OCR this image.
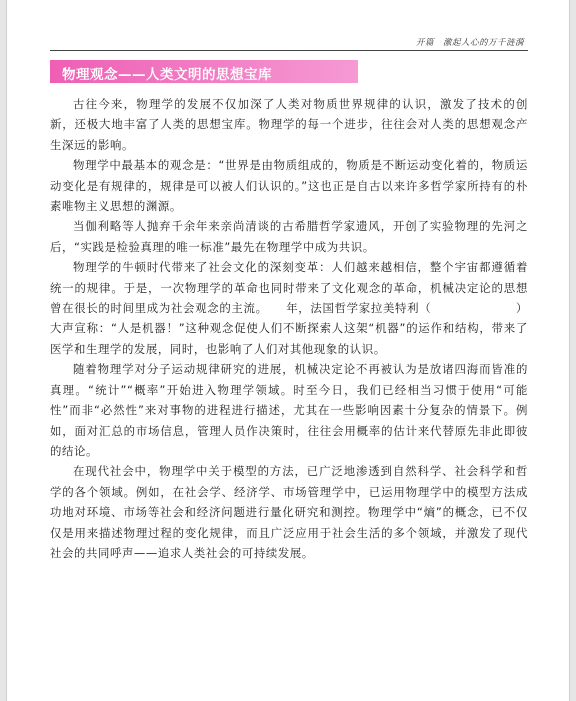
开篇　激起人心的万千涟漪
物理观念——人类文明的思想宝库

古往今来，物理学的发展不仅加深了人类对物质世界规律的认识，激发了技术的创新，还极大地丰富了人类的思想宝库。物理学的每一个进步，往往会对人类的思想观念产生深远的影响。

物理学中最基本的观念是：“世界是由物质组成的，物质是不断运动变化着的，物质运动变化是有规律的，规律是可以被人们认识的。”这也正是自古以来许多哲学家所持有的朴素唯物主义思想的渊源。

当伽利略等人抛弃千余年来亲尚清谈的古希腊哲学家遗风，开创了实验物理的先河之后，“实践是检验真理的唯一标准”最先在物理学中成为共识。

物理学的牛顿时代带来了社会文化的深刻变革：人们越来越相信，整个宇宙都遵循着统一的规律。于是，一次物理学的革命也同时带来了文化观念的革命，机械决定论的思想曾在很长的时间里成为社会观念的主流。　　年，法国哲学家拉美特利（　　　　　　　）大声宣称：“人是机器！”这种观念促使人们不断探索人这架“机器”的运作和结构，带来了医学和生理学的发展，同时，也影响了人们对其他现象的认识。

随着物理学对分子运动规律研究的进展，机械决定论不再被认为是放诸四海而皆准的真理。“统计”“概率”开始进入物理学领域。时至今日，我们已经相当习惯于使用“可能性”而非“必然性”来对事物的进程进行描述，尤其在一些影响因素十分复杂的情景下。例如，面对汇总的市场信息，管理人员作决策时，往往会用概率的估计来代替原先非此即彼的结论。

在现代社会中，物理学中关于模型的方法，已广泛地渗透到自然科学、社会科学和哲学的各个领域。例如，在社会学、经济学、市场管理学中，已运用物理学中的模型方法成功地对环境、市场等社会和经济问题进行量化研究和测控。物理学中“熵”的概念，已不仅仅是用来描述物理过程的变化规律，而且广泛应用于社会生活的多个领域，并激发了现代社会的共同呼声——追求人类社会的可持续发展。
